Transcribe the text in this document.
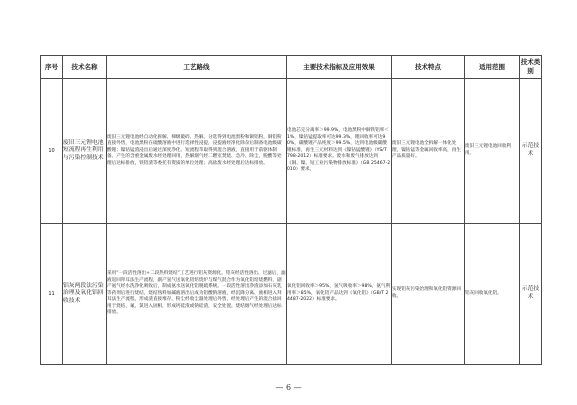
序号	技术名称	工艺路线	主要技术指标及应用效果	技术特点	适用范围	技术类别
10	废旧三元锂电池短流程再生利用与污染控制技术	废旧三元锂电池经自动化拆解、梯级破碎、热解、分选得到电池黑粉和铜铝粉，铜铝粉直接外售，电池黑粉在硫酸溶液中进行选择性浸提，浸提液经净化除杂后制备电池级碳酸锂；镍钴锰渣浸出后通过深度净化、短流程萃取得到混合溶液，直接用于前驱体制备。产生的含重金属废水经处理回用，热解烟气经二燃室焚烧、急冷、除尘、脱酸等处理后达标排放，铁铝渣等委托有资质的单位处理；高盐废水经处理后达标排放。	电池芯完分离率＞99.9%，电池黑粉中铜铁铝率＜1%，镍钴锰提取率可达99.3%，锂回收率可达90%，碳酸锂产品纯度＞99.5%，达到电池级碳酸锂标准，再生三元材料达到《镍钴锰酸锂》（YS/T 798-2012）标准要求。废水和废气排放达到《铜、镍、钴工业污染物排放标准》（GB 25467-2010）要求。	废旧三元锂电池全拆解一体化处理，镍钴锰等金属回收率高，再生产品质量好。	废旧三元锂电池回收利用。	示范技术
11	铝灰两段法污染治理及氧化铝回收技术	采用“一段活性溶出+二段热料烧结”工艺进行铝灰资源化。铝灰经活性溶出、过滤后，滤液返回拜耳法生产流程，副产氢气送氧化铝焙烧炉与煤气混合作为氧化铝焙烧燃料，副产氨气经水洗净化吸收后，制成氨水送氧化铝脱硫系统。一段活性溶出净渣添加石灰乳等药剂后进行烧结，烧结熟料加碱液溶出后成为铝酸钠溶液，经沉降分离、液相进入拜耳法生产流程，形成渣直接堆存。粉尘经收尘器处理后外售，经处理后产生的混合盐回用于烧结，氟、氯进入固相，形成钙硅渣或钠硅渣，安全处置。烧结烟气经处理后达标排放。	氧化铝回收率＞95%，氢气吸收率＞98%，氨气利用率＞85%，氧化铝产品达到《氧化铝》（GB/T 24487-2022）标准要求。	实现铝灰污染治理和氧化铝资源回收。	铝灰回收氧化铝。	示范技术
— 6 —
